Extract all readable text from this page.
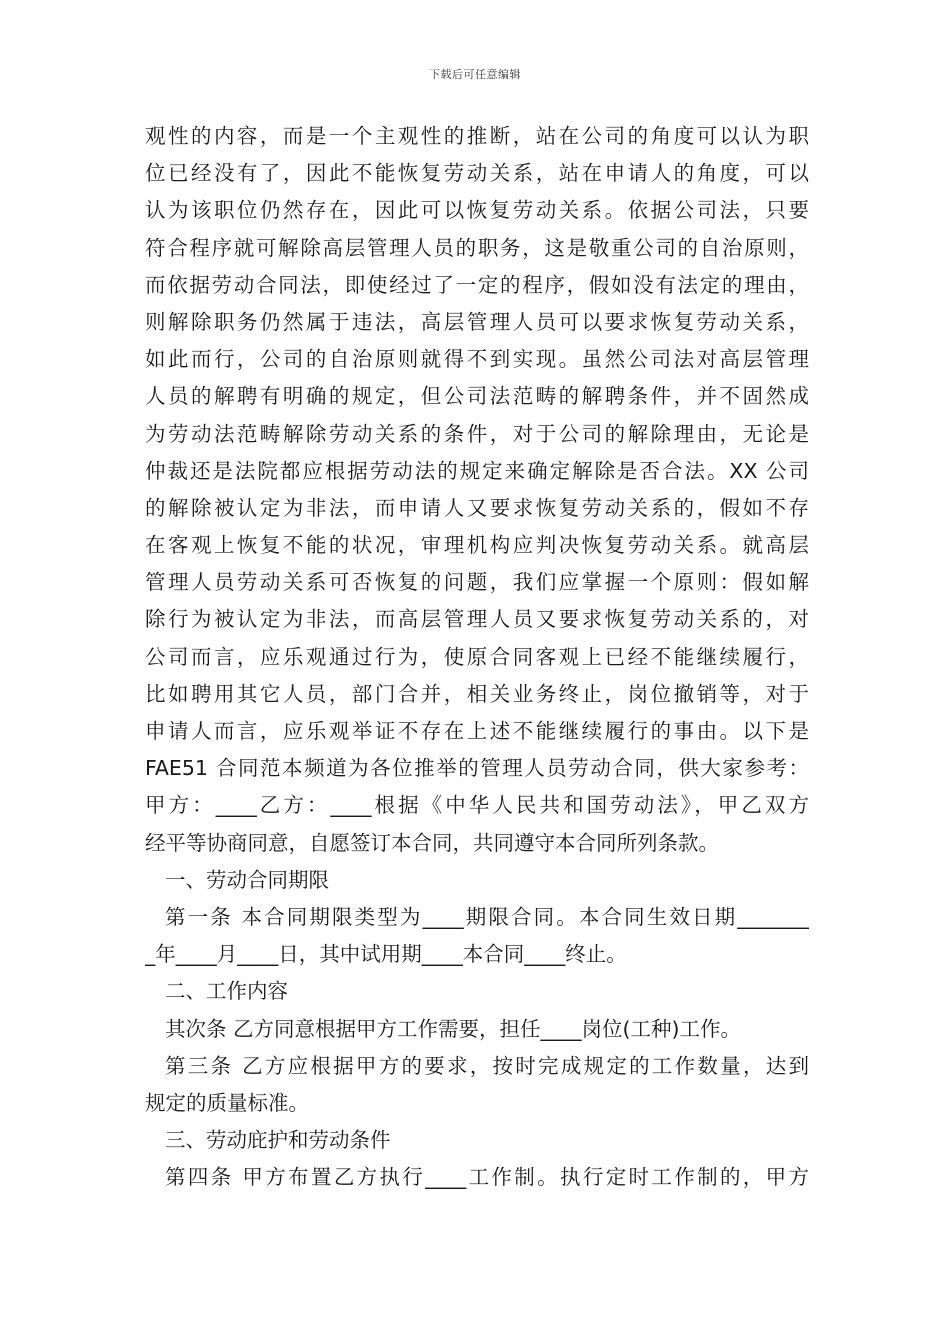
下载后可任意编辑
观性的内容，而是一个主观性的推断，站在公司的角度可以认为职
位已经没有了，因此不能恢复劳动关系，站在申请人的角度，可以
认为该职位仍然存在，因此可以恢复劳动关系。依据公司法，只要
符合程序就可解除高层管理人员的职务，这是敬重公司的自治原则，
而依据劳动合同法，即使经过了一定的程序，假如没有法定的理由，
则解除职务仍然属于违法，高层管理人员可以要求恢复劳动关系，
如此而行，公司的自治原则就得不到实现。虽然公司法对高层管理
人员的解聘有明确的规定，但公司法范畴的解聘条件，并不固然成
为劳动法范畴解除劳动关系的条件，对于公司的解除理由，无论是
仲裁还是法院都应根据劳动法的规定来确定解除是否合法。XX 公司
的解除被认定为非法，而申请人又要求恢复劳动关系的，假如不存
在客观上恢复不能的状况，审理机构应判决恢复劳动关系。就高层
管理人员劳动关系可否恢复的问题，我们应掌握一个原则：假如解
除行为被认定为非法，而高层管理人员又要求恢复劳动关系的，对
公司而言，应乐观通过行为，使原合同客观上已经不能继续履行，
比如聘用其它人员，部门合并，相关业务终止，岗位撤销等，对于
申请人而言，应乐观举证不存在上述不能继续履行的事由。以下是
FAE51 合同范本频道为各位推举的管理人员劳动合同，供大家参考：
甲方：____乙方：____根据《中华人民共和国劳动法》，甲乙双方
经平等协商同意，自愿签订本合同，共同遵守本合同所列条款。
一、劳动合同期限
第一条 本合同期限类型为____期限合同。本合同生效日期_______
_年____月____日，其中试用期____本合同____终止。
二、工作内容
其次条 乙方同意根据甲方工作需要，担任____岗位(工种)工作。
第三条 乙方应根据甲方的要求，按时完成规定的工作数量，达到
规定的质量标准。
三、劳动庇护和劳动条件
第四条 甲方布置乙方执行____工作制。执行定时工作制的，甲方
